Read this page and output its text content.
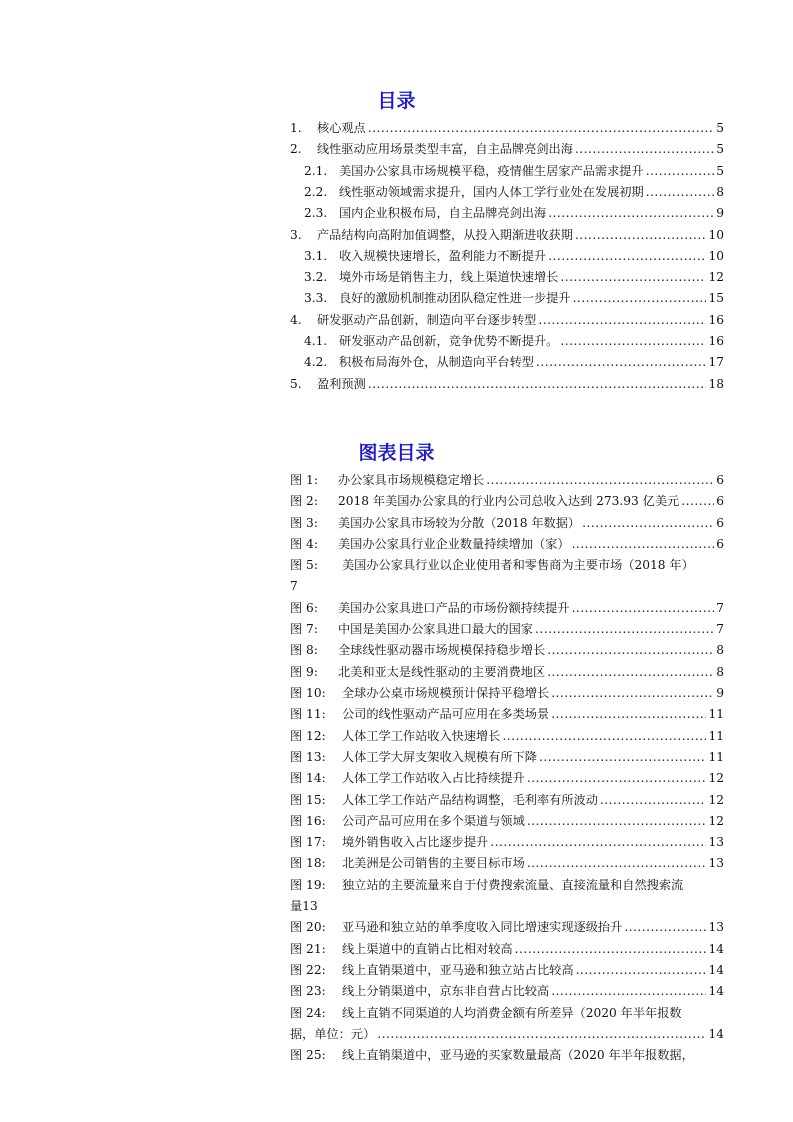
目录
1.	核心观点 .....	5
2.	线性驱动应用场景类型丰富，自主品牌亮剑出海 .....	5
2.1. 美国办公家具市场规模平稳，疫情催生居家产品需求提升 .....	5
2.2. 线性驱动领域需求提升，国内人体工学行业处在发展初期 .....	8
2.3. 国内企业积极布局，自主品牌亮剑出海 .....	9
3.	产品结构向高附加值调整，从投入期渐进收获期 .....	10
3.1. 收入规模快速增长，盈利能力不断提升 .....	10
3.2. 境外市场是销售主力，线上渠道快速增长 .....	12
3.3. 良好的激励机制推动团队稳定性进一步提升 .....	15
4.	研发驱动产品创新，制造向平台逐步转型 .....	16
4.1. 研发驱动产品创新，竞争优势不断提升。 .....	16
4.2. 积极布局海外仓，从制造向平台转型 .....	17
5.	盈利预测 .....	18
图表目录
图 1:	办公家具市场规模稳定增长 .....	6
图 2:	2018 年美国办公家具的行业内公司总收入达到 273.93 亿美元 .....	6
图 3:	美国办公家具市场较为分散（2018 年数据） .....	6
图 4:	美国办公家具行业企业数量持续增加（家） .....	6
图 5:	美国办公家具行业以企业使用者和零售商为主要市场（2018 年）
7
图 6:	美国办公家具进口产品的市场份额持续提升 .....	7
图 7:	中国是美国办公家具进口最大的国家 .....	7
图 8:	全球线性驱动器市场规模保持稳步增长 .....	8
图 9:	北美和亚太是线性驱动的主要消费地区 .....	8
图 10:	全球办公桌市场规模预计保持平稳增长 .....	9
图 11:	公司的线性驱动产品可应用在多类场景 .....	11
图 12:	人体工学工作站收入快速增长 .....	11
图 13:	人体工学大屏支架收入规模有所下降 .....	11
图 14:	人体工学工作站收入占比持续提升 .....	12
图 15:	人体工学工作站产品结构调整，毛利率有所波动 .....	12
图 16:	公司产品可应用在多个渠道与领域 .....	12
图 17:	境外销售收入占比逐步提升 .....	13
图 18:	北美洲是公司销售的主要目标市场 .....	13
图 19:	独立站的主要流量来自于付费搜索流量、直接流量和自然搜索流
量 13
图 20:	亚马逊和独立站的单季度收入同比增速实现逐级抬升 .....	13
图 21:	线上渠道中的直销占比相对较高 .....	14
图 22:	线上直销渠道中，亚马逊和独立站占比较高 .....	14
图 23:	线上分销渠道中，京东非自营占比较高 .....	14
图 24:	线上直销不同渠道的人均消费金额有所差异（2020 年半年报数
据，单位：元） .....	14
图 25:	线上直销渠道中，亚马逊的买家数量最高（2020 年半年报数据，
